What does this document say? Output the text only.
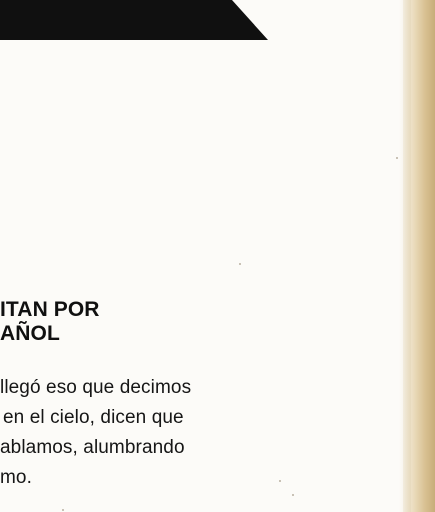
ITAN POR
AÑOL

llegó eso que decimos
en el cielo, dicen que
ablamos, alumbrando
mo.
